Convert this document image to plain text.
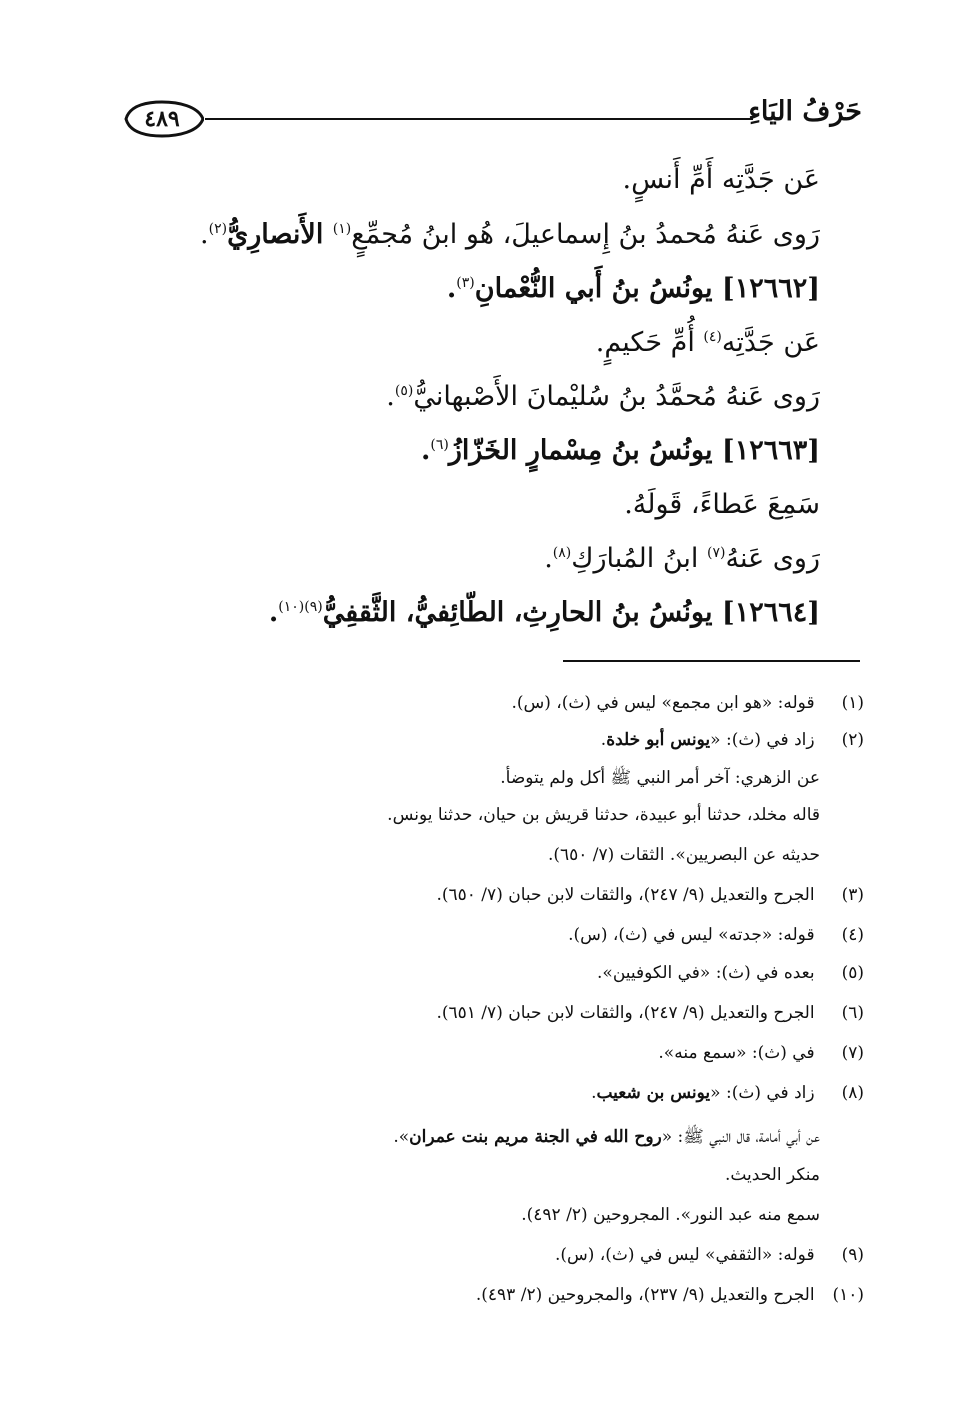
حَرْفُ اليَاءِ
٤٨٩
عَن جَدَّتِه أَمِّ أَنسٍ.
رَوى عَنهُ مُحمدُ بنُ إِسماعيلَ، هُو ابنُ مُجمِّعٍ$^{(١)}$ الأَنصارِيُّ$^{(٢)}$.
[١٢٦٦٢] يونُسُ بنُ أَبي النُّعْمانِ$^{(٣)}$.
عَن جَدَّتِه$^{(٤)}$ أُمِّ حَكيمٍ.
رَوى عَنهُ مُحمَّدُ بنُ سُليْمانَ الأَصْبهانيُّ$^{(٥)}$.
[١٢٦٦٣] يونُسُ بنُ مِسْمارٍ الخَزّازُ$^{(٦)}$.
سَمِعَ عَطاءً، قَولَهُ.
رَوى عَنهُ$^{(٧)}$ ابنُ المُبارَكِ$^{(٨)}$.
[١٢٦٦٤] يونُسُ بنُ الحارِثِ، الطّائِفيُّ، الثَّقفِيُّ$^{(٩)(١٠)}$.
(١) قوله: «هو ابن مجمع» ليس في (ث)، (س).
(٢) زاد في (ث): «يونس أبو خلدة.
عن الزهري: آخر أمر النبي ﷺ أكل ولم يتوضأ.
قاله مخلد، حدثنا أبو عبيدة، حدثنا قريش بن حيان، حدثنا يونس.
حديثه عن البصريين». الثقات (٧/ ٦٥٠).
(٣) الجرح والتعديل (٩/ ٢٤٧)، والثقات لابن حبان (٧/ ٦٥٠).
(٤) قوله: «جدته» ليس في (ث)، (س).
(٥) بعده في (ث): «في الكوفيين».
(٦) الجرح والتعديل (٩/ ٢٤٧)، والثقات لابن حبان (٧/ ٦٥١).
(٧) في (ث): «سمع منه».
(٨) زاد في (ث): «يونس بن شعيب.
عن أبي أمامة، قال النبي ﷺ: «روح الله في الجنة مريم بنت عمران».
منكر الحديث.
سمع منه عبد النور». المجروحين (٢/ ٤٩٢).
(٩) قوله: «الثقفي» ليس في (ث)، (س).
(١٠) الجرح والتعديل (٩/ ٢٣٧)، والمجروحين (٢/ ٤٩٣).
